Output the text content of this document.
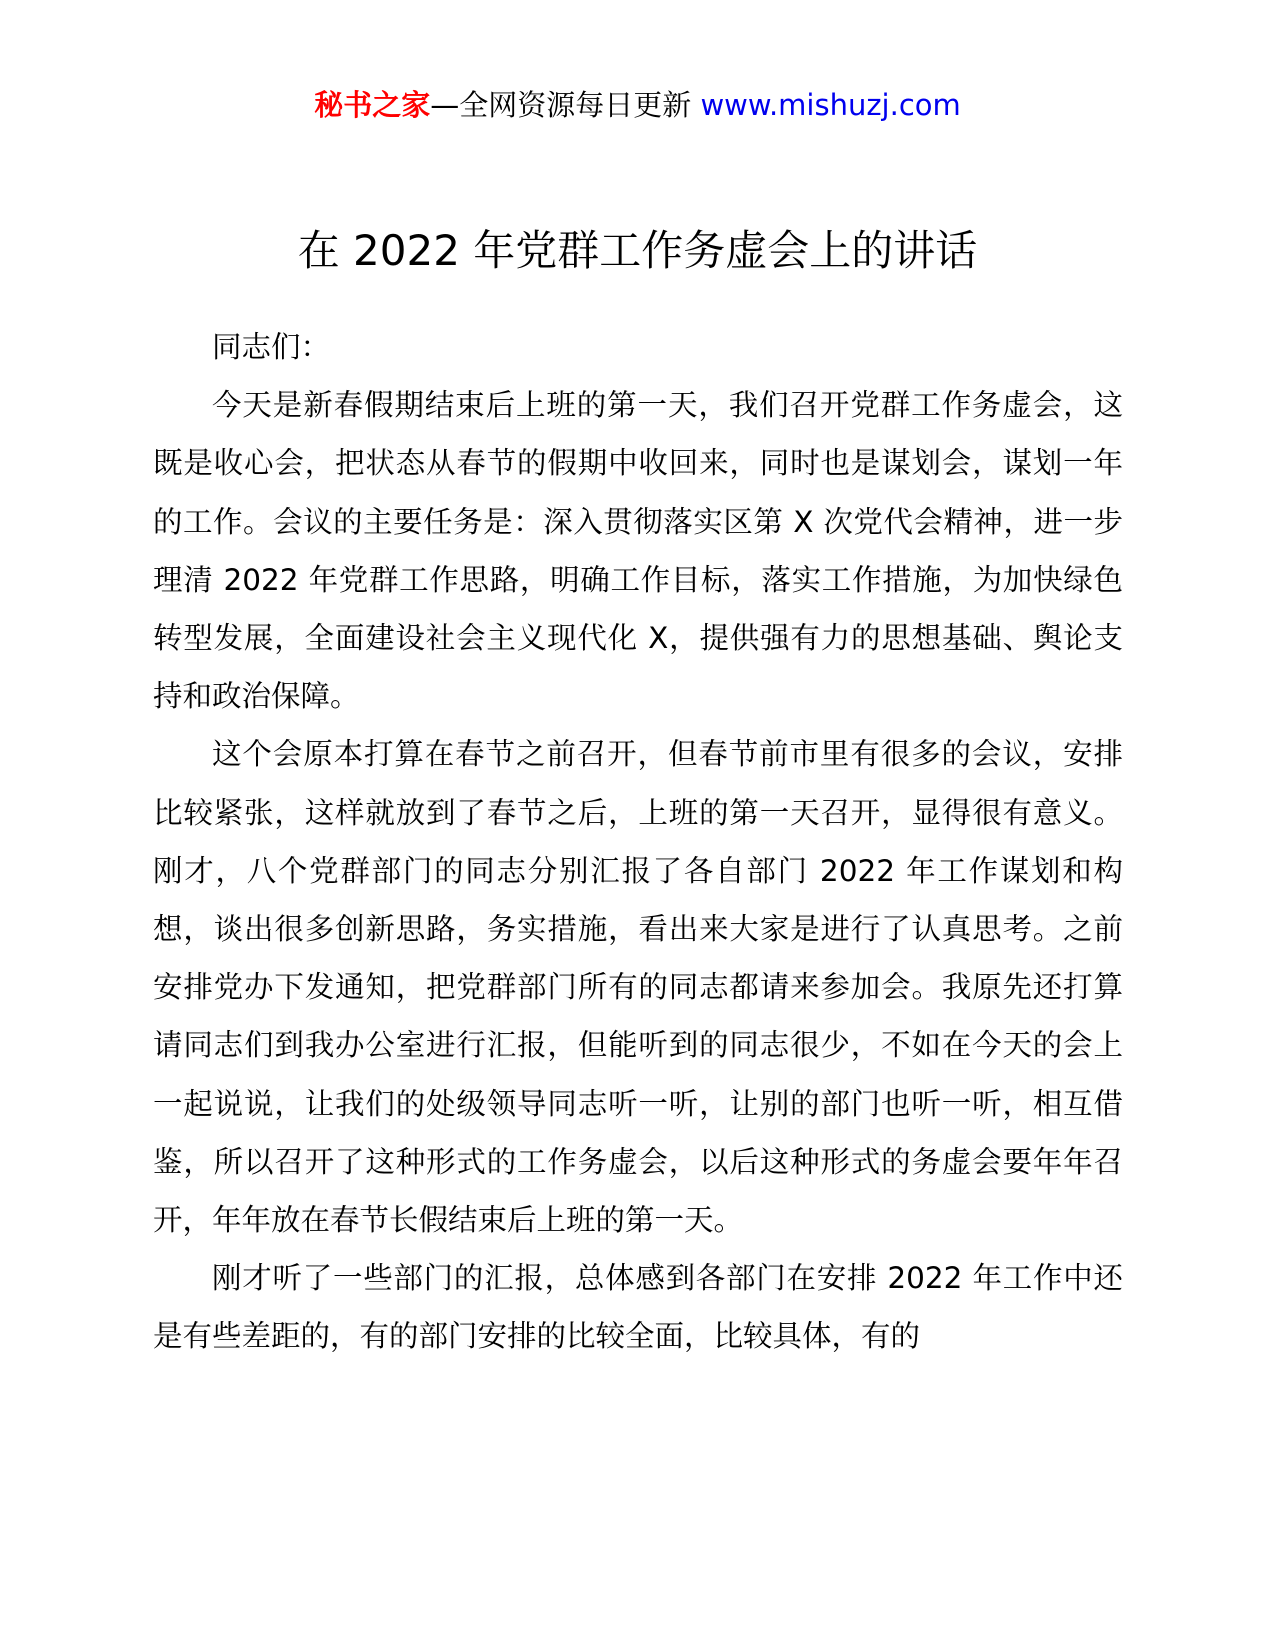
秘书之家—全网资源每日更新 www.mishuzj.com
在 2022 年党群工作务虚会上的讲话

同志们：

今天是新春假期结束后上班的第一天，我们召开党群工作务虚会，这既是收心会，把状态从春节的假期中收回来，同时也是谋划会，谋划一年的工作。会议的主要任务是：深入贯彻落实区第 X 次党代会精神，进一步理清 2022 年党群工作思路，明确工作目标，落实工作措施，为加快绿色转型发展，全面建设社会主义现代化 X，提供强有力的思想基础、舆论支持和政治保障。

这个会原本打算在春节之前召开，但春节前市里有很多的会议，安排比较紧张，这样就放到了春节之后，上班的第一天召开，显得很有意义。刚才，八个党群部门的同志分别汇报了各自部门 2022 年工作谋划和构想，谈出很多创新思路，务实措施，看出来大家是进行了认真思考。之前安排党办下发通知，把党群部门所有的同志都请来参加会。我原先还打算请同志们到我办公室进行汇报，但能听到的同志很少，不如在今天的会上一起说说，让我们的处级领导同志听一听，让别的部门也听一听，相互借鉴，所以召开了这种形式的工作务虚会，以后这种形式的务虚会要年年召开，年年放在春节长假结束后上班的第一天。

刚才听了一些部门的汇报，总体感到各部门在安排 2022 年工作中还是有些差距的，有的部门安排的比较全面，比较具体，有的
